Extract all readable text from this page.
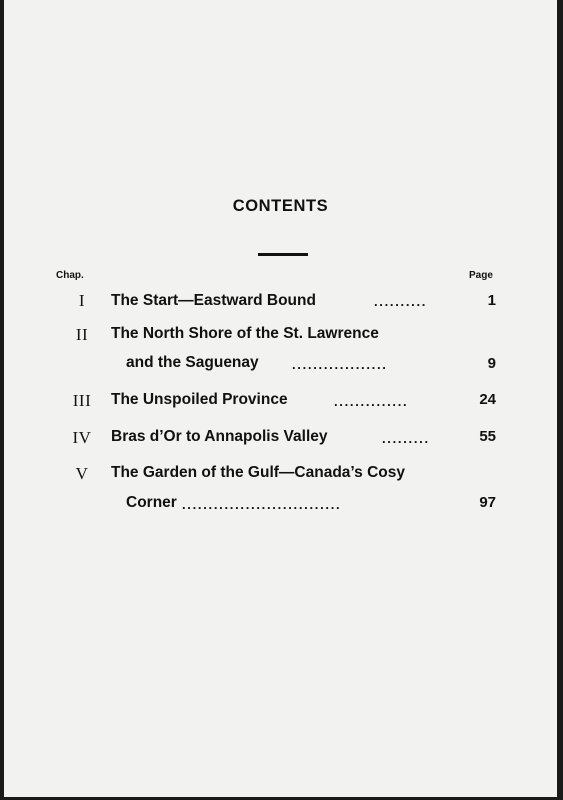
CONTENTS
Chap.	Page
I	The Start—Eastward Bound	..........	1
II	The North Shore of the St. Lawrence
and the Saguenay	..................	9
III	The Unspoiled Province	..............	24
IV	Bras d’Or to Annapolis Valley	.........	55
V	The Garden of the Gulf—Canada’s Cosy
Corner ..............................	97
